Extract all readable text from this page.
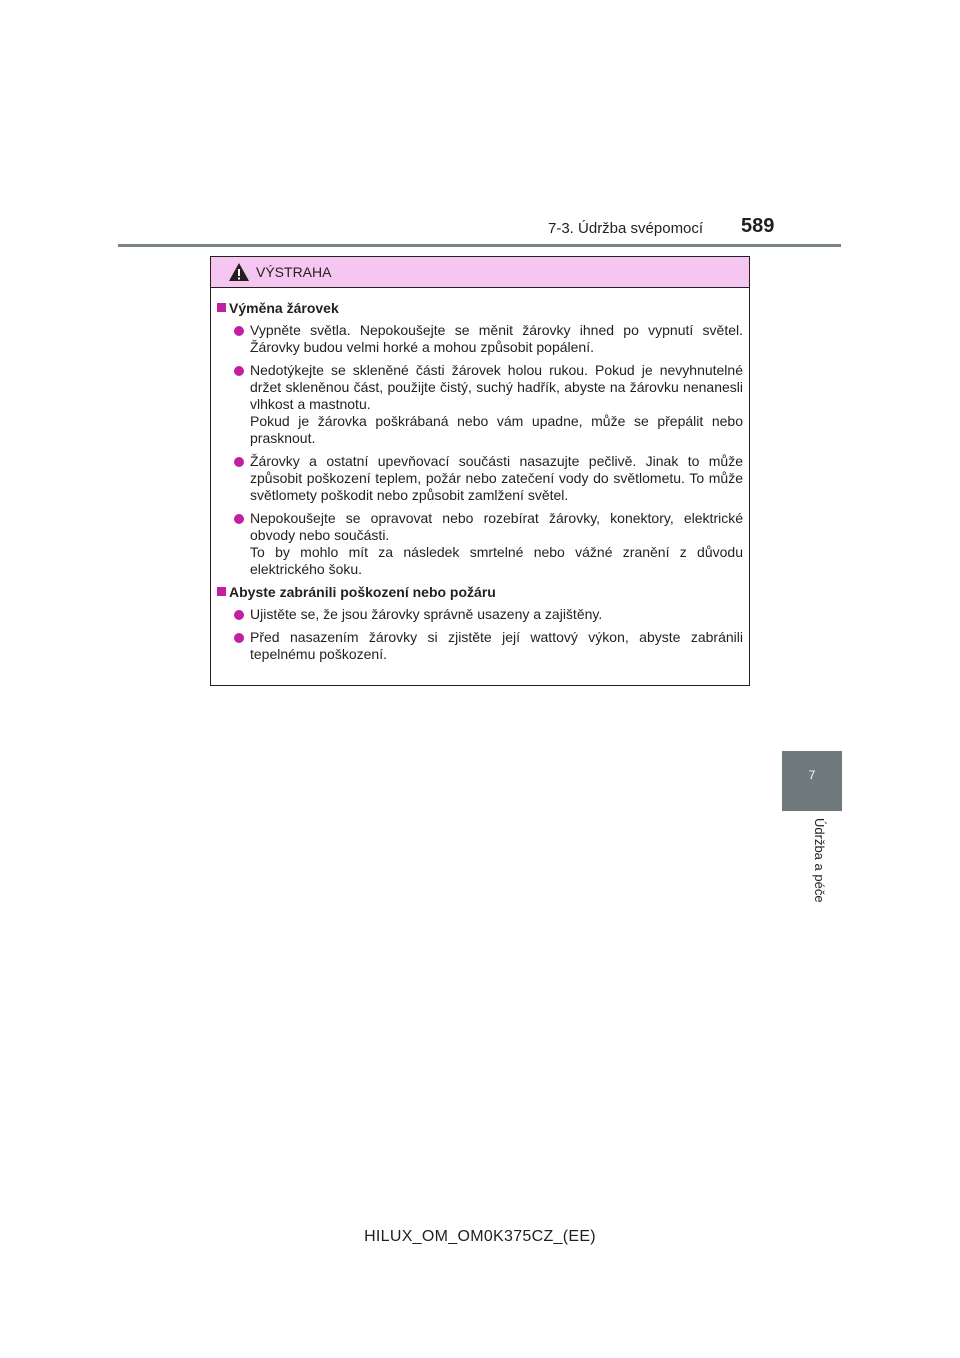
7-3. Údržba svépomocí 589
7
Údržba a péče
VÝSTRAHA
Výměna žárovek

Vypněte světla. Nepokoušejte se měnit žárovky ihned po vypnutí světel. Žárovky budou velmi horké a mohou způsobit popálení.

Nedotýkejte se skleněné části žárovek holou rukou. Pokud je nevyhnutelné držet skleněnou část, použijte čistý, suchý hadřík, abyste na žárovku nenanesli vlhkost a mastnotu.

Pokud je žárovka poškrábaná nebo vám upadne, může se přepálit nebo prasknout.

Žárovky a ostatní upevňovací součásti nasazujte pečlivě. Jinak to může způsobit poškození teplem, požár nebo zatečení vody do světlometu. To může světlomety poškodit nebo způsobit zamlžení světel.

Nepokoušejte se opravovat nebo rozebírat žárovky, konektory, elektrické obvody nebo součásti.

To by mohlo mít za následek smrtelné nebo vážné zranění z důvodu elektrického šoku.

Abyste zabránili poškození nebo požáru

Ujistěte se, že jsou žárovky správně usazeny a zajištěny.

Před nasazením žárovky si zjistěte její wattový výkon, abyste zabránili tepelnému poškození.

HILUX_OM_OM0K375CZ_(EE)
